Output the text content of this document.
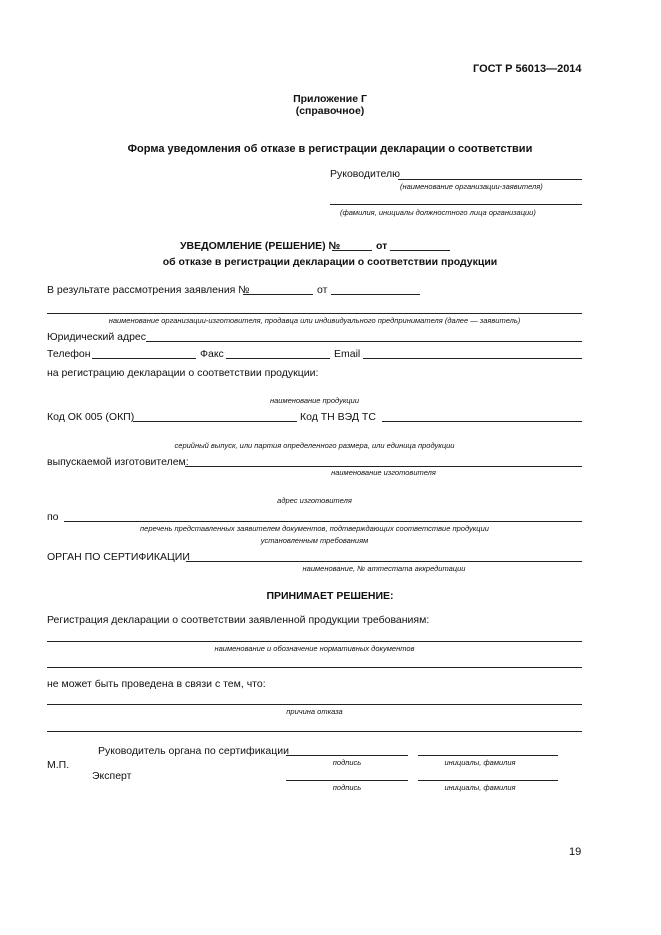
ГОСТ Р 56013—2014
Приложение Г
(справочное)
Форма уведомления об отказе в регистрации декларации о соответствии
Руководителю
(наименование организации-заявителя)
(фамилия, инициалы должностного лица организации)
УВЕДОМЛЕНИЕ (РЕШЕНИЕ) №	от
об отказе в регистрации декларации о соответствии продукции
В результате рассмотрения заявления №	от
наименование организации-изготовителя, продавца или индивидуального предпринимателя (далее — заявитель)
Юридический адрес
Телефон	Факс	Email
на регистрацию декларации о соответствии продукции:
наименование продукции
Код ОК 005 (ОКП)	Код ТН ВЭД ТС
серийный выпуск, или партия определенного размера, или единица продукции
выпускаемой изготовителем:
наименование изготовителя
адрес изготовителя
по
перечень представленных заявителем документов, подтверждающих соответствие продукции
установленным требованиям
ОРГАН ПО СЕРТИФИКАЦИИ
наименование, № аттестата аккредитации
ПРИНИМАЕТ РЕШЕНИЕ:
Регистрация декларации о соответствии заявленной продукции требованиям:
наименование и обозначение нормативных документов
не может быть проведена в связи с тем, что:
причина отказа
Руководитель органа по сертификации
подпись	инициалы, фамилия
М.П.
Эксперт
подпись	инициалы, фамилия
19
